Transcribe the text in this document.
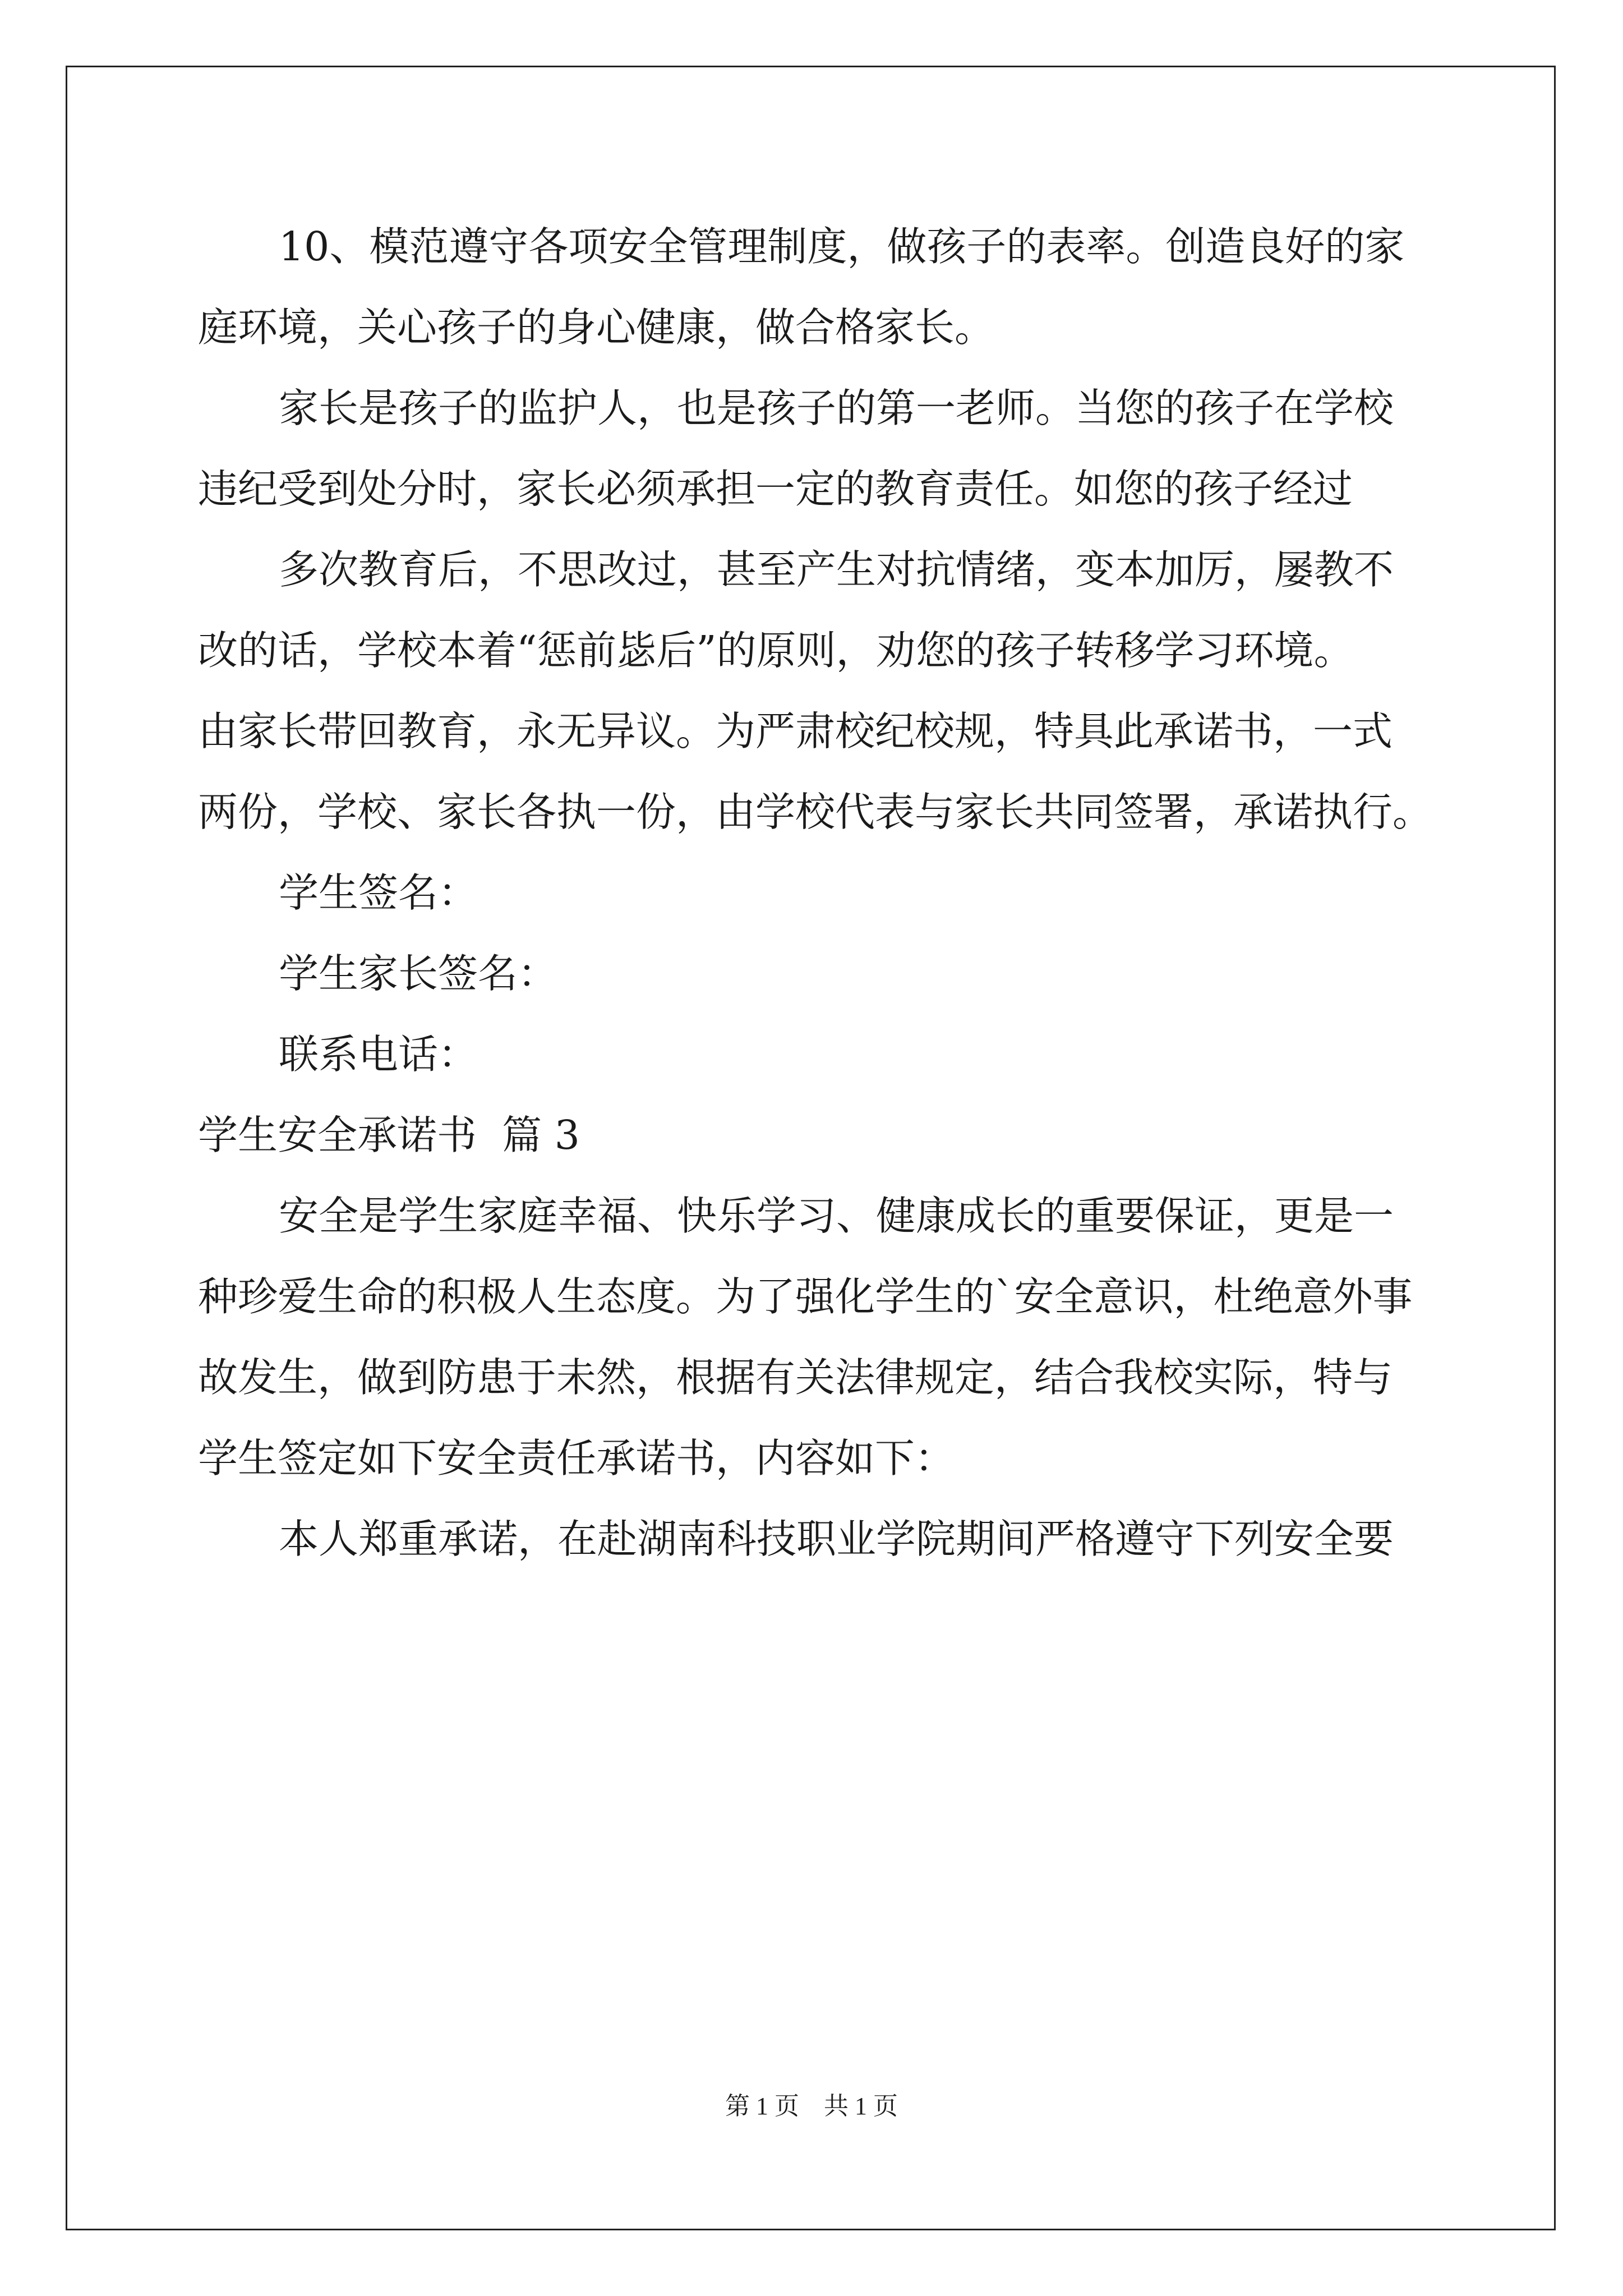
10、模范遵守各项安全管理制度，做孩子的表率。创造良好的家
庭环境，关心孩子的身心健康，做合格家长。
家长是孩子的监护人，也是孩子的第一老师。当您的孩子在学校
违纪受到处分时，家长必须承担一定的教育责任。如您的孩子经过
多次教育后，不思改过，甚至产生对抗情绪，变本加厉，屡教不
改的话，学校本着“惩前毖后”的原则，劝您的孩子转移学习环境。
由家长带回教育，永无异议。为严肃校纪校规，特具此承诺书，一式
两份，学校、家长各执一份，由学校代表与家长共同签署，承诺执行。
学生签名：
学生家长签名：
联系电话：
学生安全承诺书  篇 3
安全是学生家庭幸福、快乐学习、健康成长的重要保证，更是一
种珍爱生命的积极人生态度。为了强化学生的`安全意识，杜绝意外事
故发生，做到防患于未然，根据有关法律规定，结合我校实际，特与
学生签定如下安全责任承诺书，内容如下：
本人郑重承诺，在赴湖南科技职业学院期间严格遵守下列安全要
第 1 页    共 1 页
